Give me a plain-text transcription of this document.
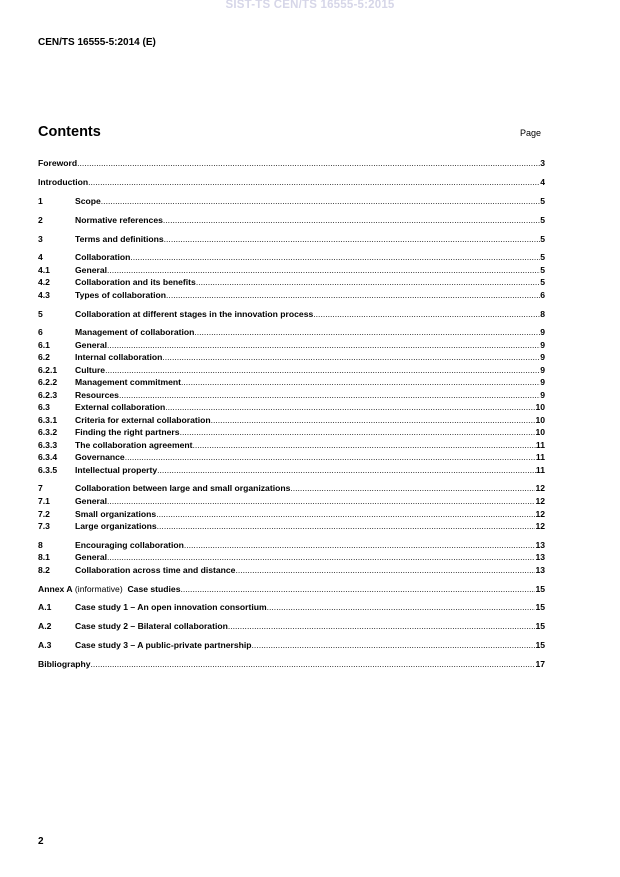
SIST-TS CEN/TS 16555-5:2015
CEN/TS 16555-5:2014 (E)
Contents	Page
Foreword .....	3
Introduction .....	4
1	Scope .....	5
2	Normative references .....	5
3	Terms and definitions .....	5
4	Collaboration .....	5
4.1	General .....	5
4.2	Collaboration and its benefits .....	5
4.3	Types of collaboration .....	6
5	Collaboration at different stages in the innovation process .....	8
6	Management of collaboration .....	9
6.1	General .....	9
6.2	Internal collaboration .....	9
6.2.1	Culture .....	9
6.2.2	Management commitment .....	9
6.2.3	Resources .....	9
6.3	External collaboration .....	10
6.3.1	Criteria for external collaboration .....	10
6.3.2	Finding the right partners .....	10
6.3.3	The collaboration agreement .....	11
6.3.4	Governance .....	11
6.3.5	Intellectual property .....	11
7	Collaboration between large and small organizations .....	12
7.1	General .....	12
7.2	Small organizations .....	12
7.3	Large organizations .....	12
8	Encouraging collaboration .....	13
8.1	General .....	13
8.2	Collaboration across time and distance .....	13
Annex A (informative)  Case studies .....	15
A.1	Case study 1 – An open innovation consortium .....	15
A.2	Case study 2 – Bilateral collaboration .....	15
A.3	Case study 3 – A public-private partnership .....	15
Bibliography .....	17
2
